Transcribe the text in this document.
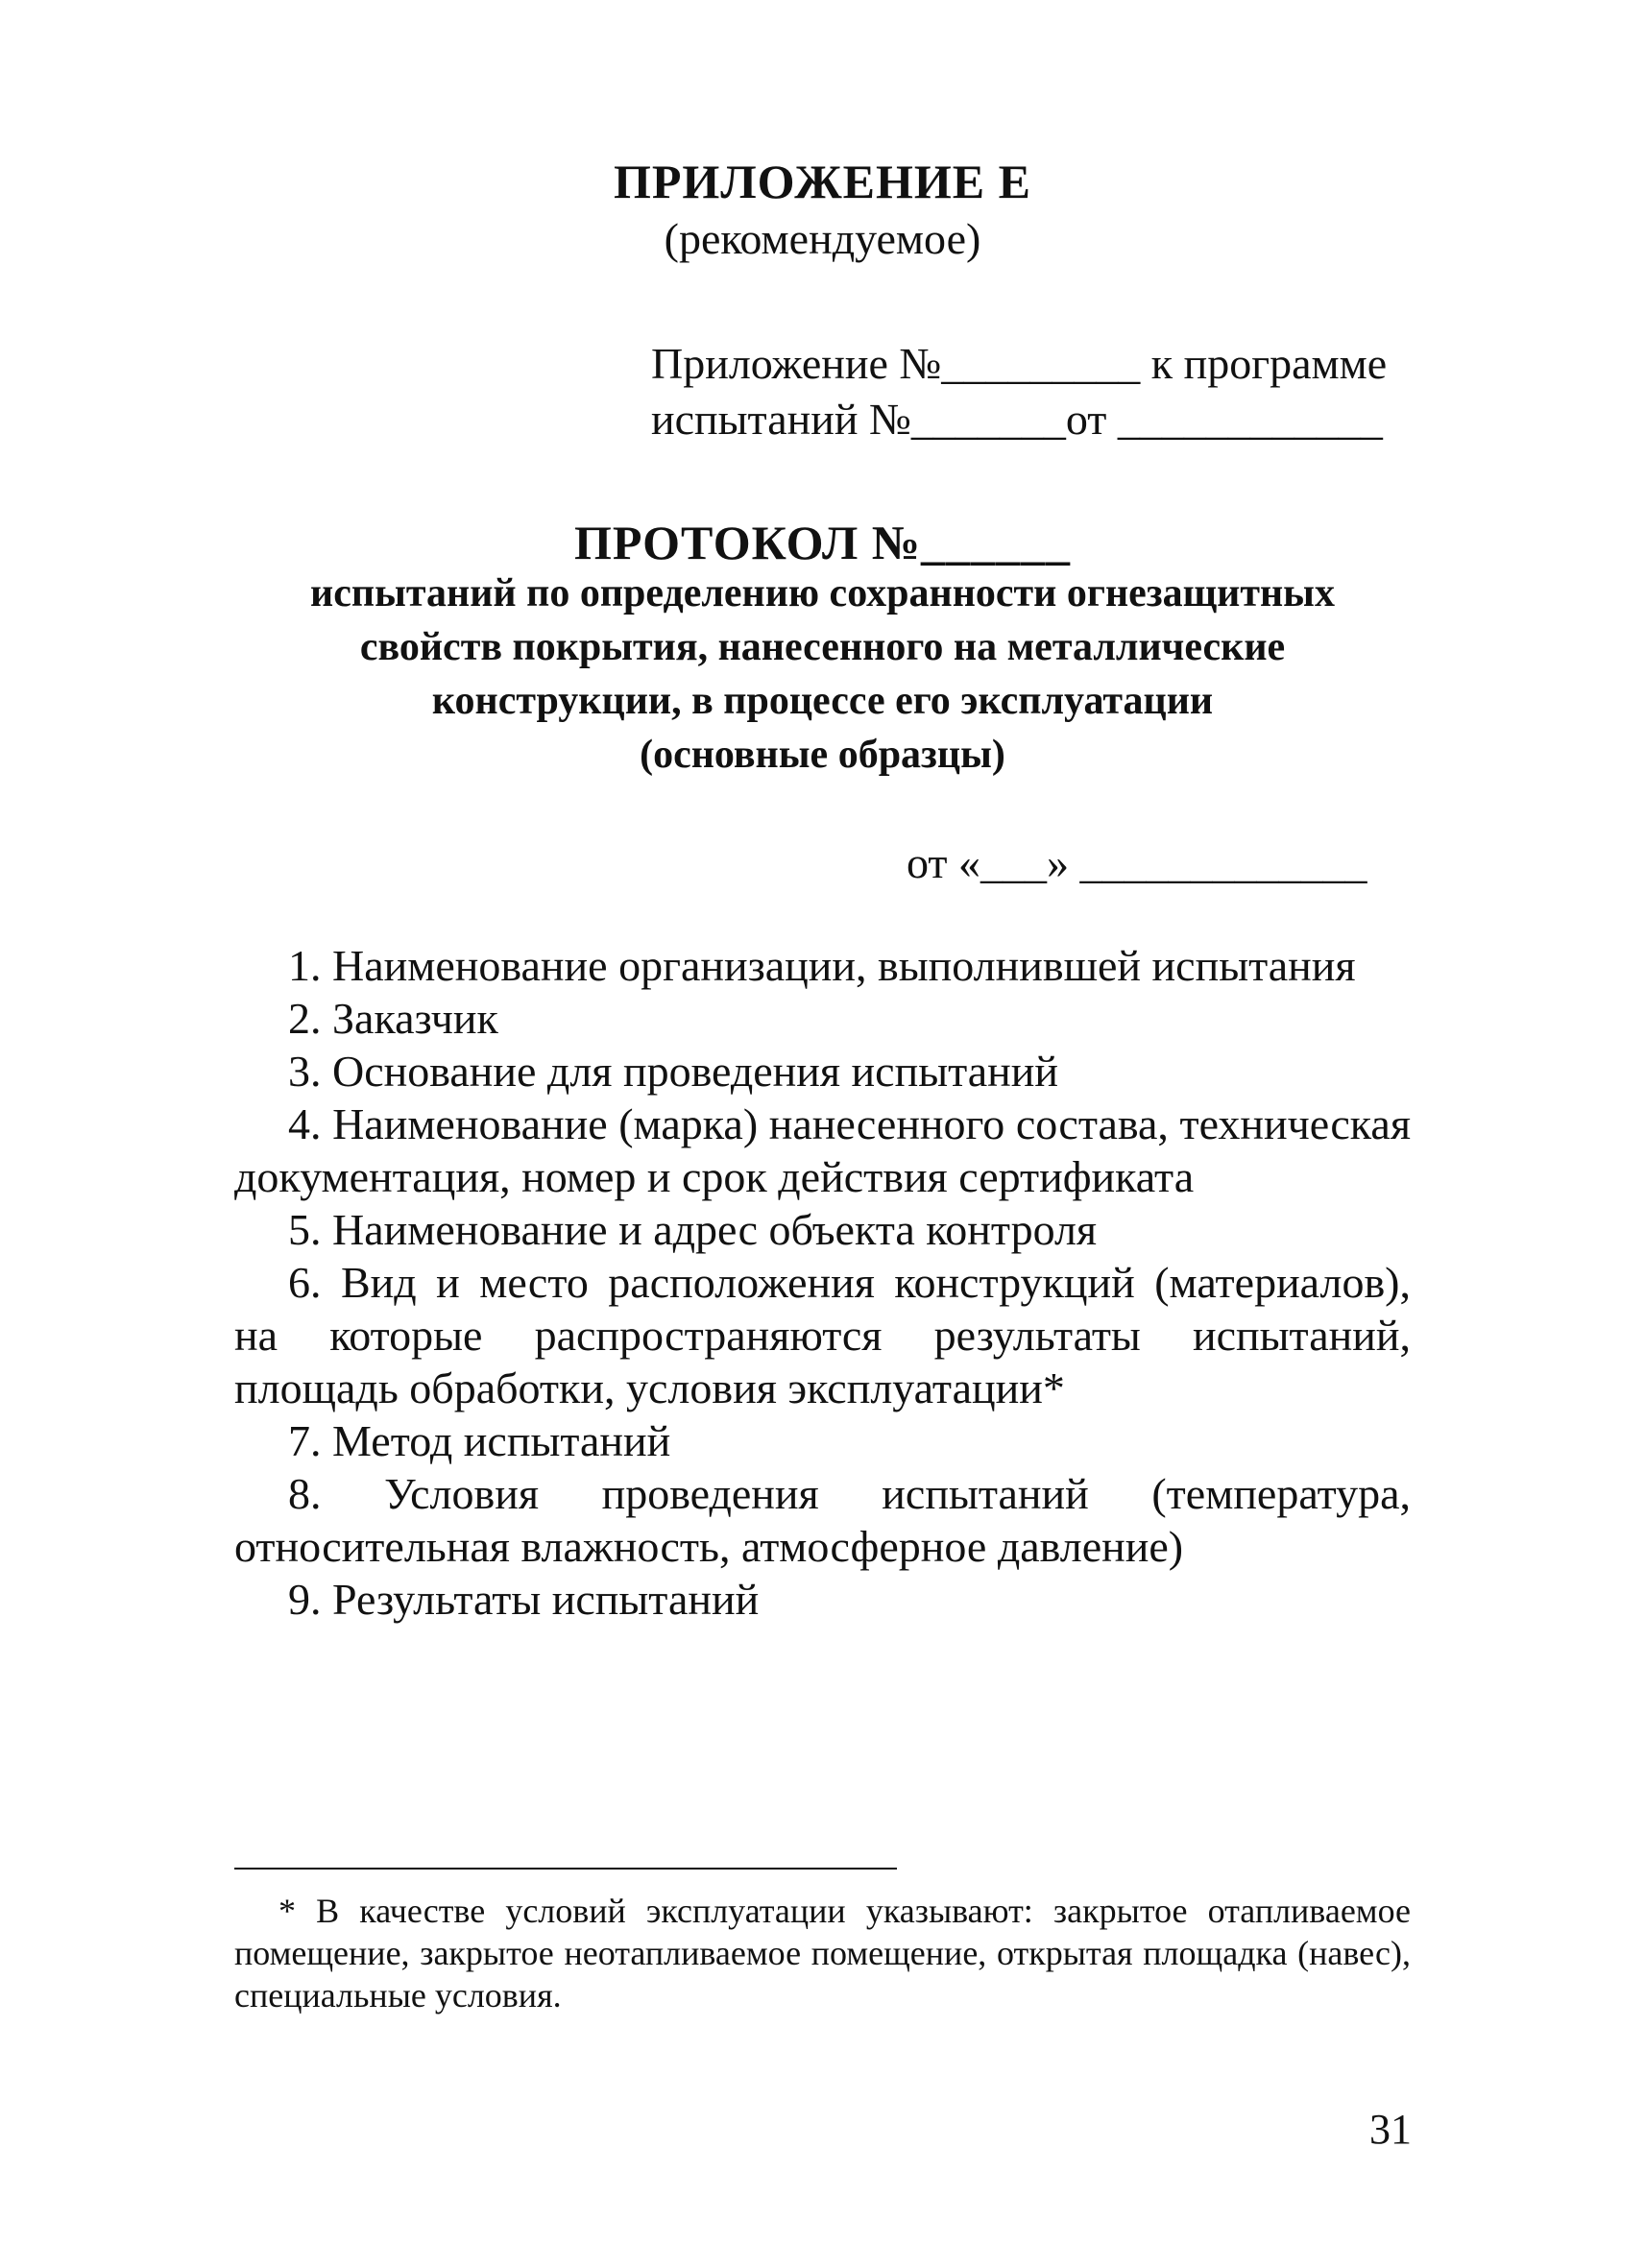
ПРИЛОЖЕНИЕ Е
(рекомендуемое)
Приложение №_________ к программе
испытаний №_______от ____________
ПРОТОКОЛ №______
испытаний по определению сохранности огнезащитных
свойств покрытия, нанесенного на металлические
конструкции, в процессе его эксплуатации
(основные образцы)
от «___» _____________

1. Наименование организации, выполнившей испытания

2. Заказчик

3. Основание для проведения испытаний

4. Наименование (марка) нанесенного состава, техническая документация, номер и срок действия сертификата

5. Наименование и адрес объекта контроля

6. Вид и место расположения конструкций (материалов), на которые распространяются результаты испытаний, площадь обработки, условия эксплуатации*

7. Метод испытаний

8. Условия проведения испытаний (температура, относительная влажность, атмосферное давление)

9. Результаты испытаний

* В качестве условий эксплуатации указывают: закрытое отапливаемое помещение, закрытое неотапливаемое помещение, открытая площадка (навес), специальные условия.

31
